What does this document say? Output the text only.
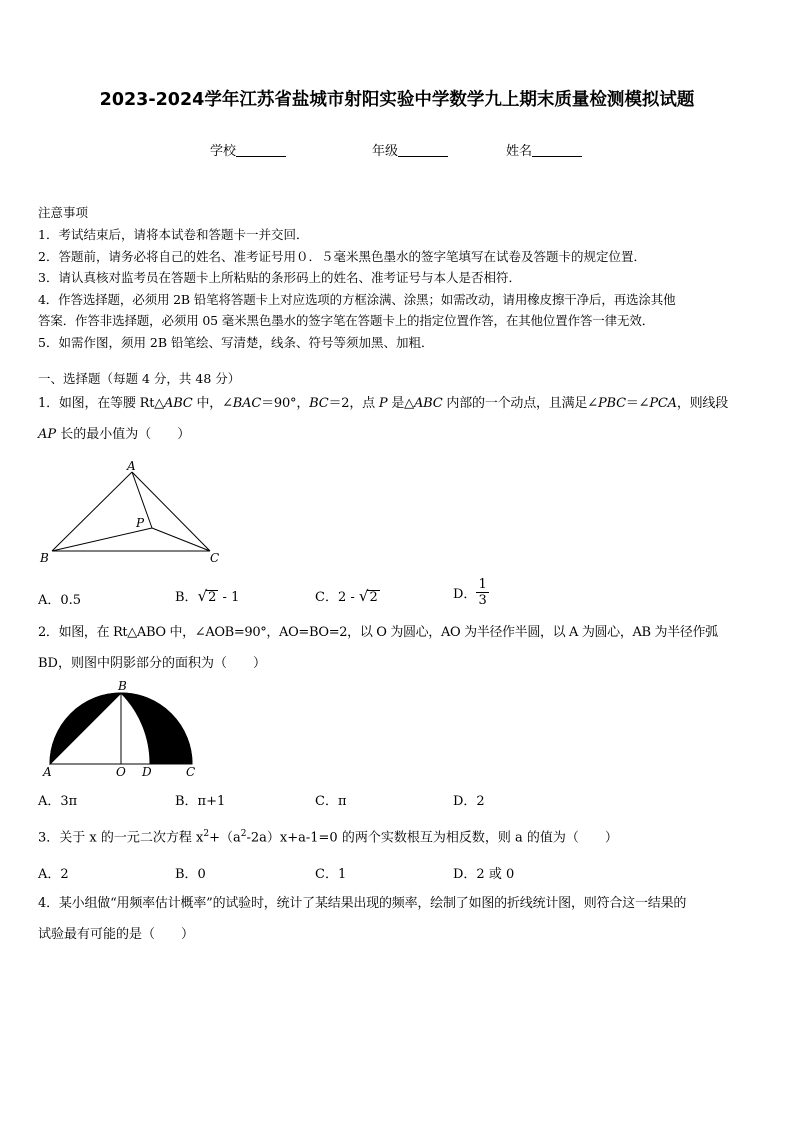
2023-2024学年江苏省盐城市射阳实验中学数学九上期末质量检测模拟试题
学校	年级	姓名
注意事项
1．考试结束后，请将本试卷和答题卡一并交回．
2．答题前，请务必将自己的姓名、准考证号用０．５毫米黑色墨水的签字笔填写在试卷及答题卡的规定位置．
3．请认真核对监考员在答题卡上所粘贴的条形码上的姓名、准考证号与本人是否相符．
4．作答选择题，必须用 2B 铅笔将答题卡上对应选项的方框涂满、涂黑；如需改动，请用橡皮擦干净后，再选涂其他
答案．作答非选择题，必须用 05 毫米黑色墨水的签字笔在答题卡上的指定位置作答，在其他位置作答一律无效．
5．如需作图，须用 2B 铅笔绘、写清楚，线条、符号等须加黑、加粗．
一、选择题（每题 4 分，共 48 分）
1．如图，在等腰 Rt△ABC 中，∠BAC＝90°，BC＝2，点 P 是△ABC 内部的一个动点，且满足∠PBC＝∠PCA，则线段
AP 长的最小值为（　　）
A
B	C
P
A．0.5	B．√2 - 1	C．2 - √2	D． $\frac{1}{3}$
2．如图，在 Rt△ABO 中，∠AOB=90°，AO=BO=2，以 O 为圆心，AO 为半径作半圆，以 A 为圆心，AB 为半径作弧
BD，则图中阴影部分的面积为（　　）
B
A	O D	C
A．3π	B．π+1	C．π	D．2
3．关于 x 的一元二次方程 $x^2+(a^2-2a)x+a-1=0$ 的两个实数根互为相反数，则 a 的值为（　　）
A．2	B．0	C．1	D．2 或 0
4．某小组做“用频率估计概率”的试验时，统计了某结果出现的频率，绘制了如图的折线统计图，则符合这一结果的
试验最有可能的是（　　）
